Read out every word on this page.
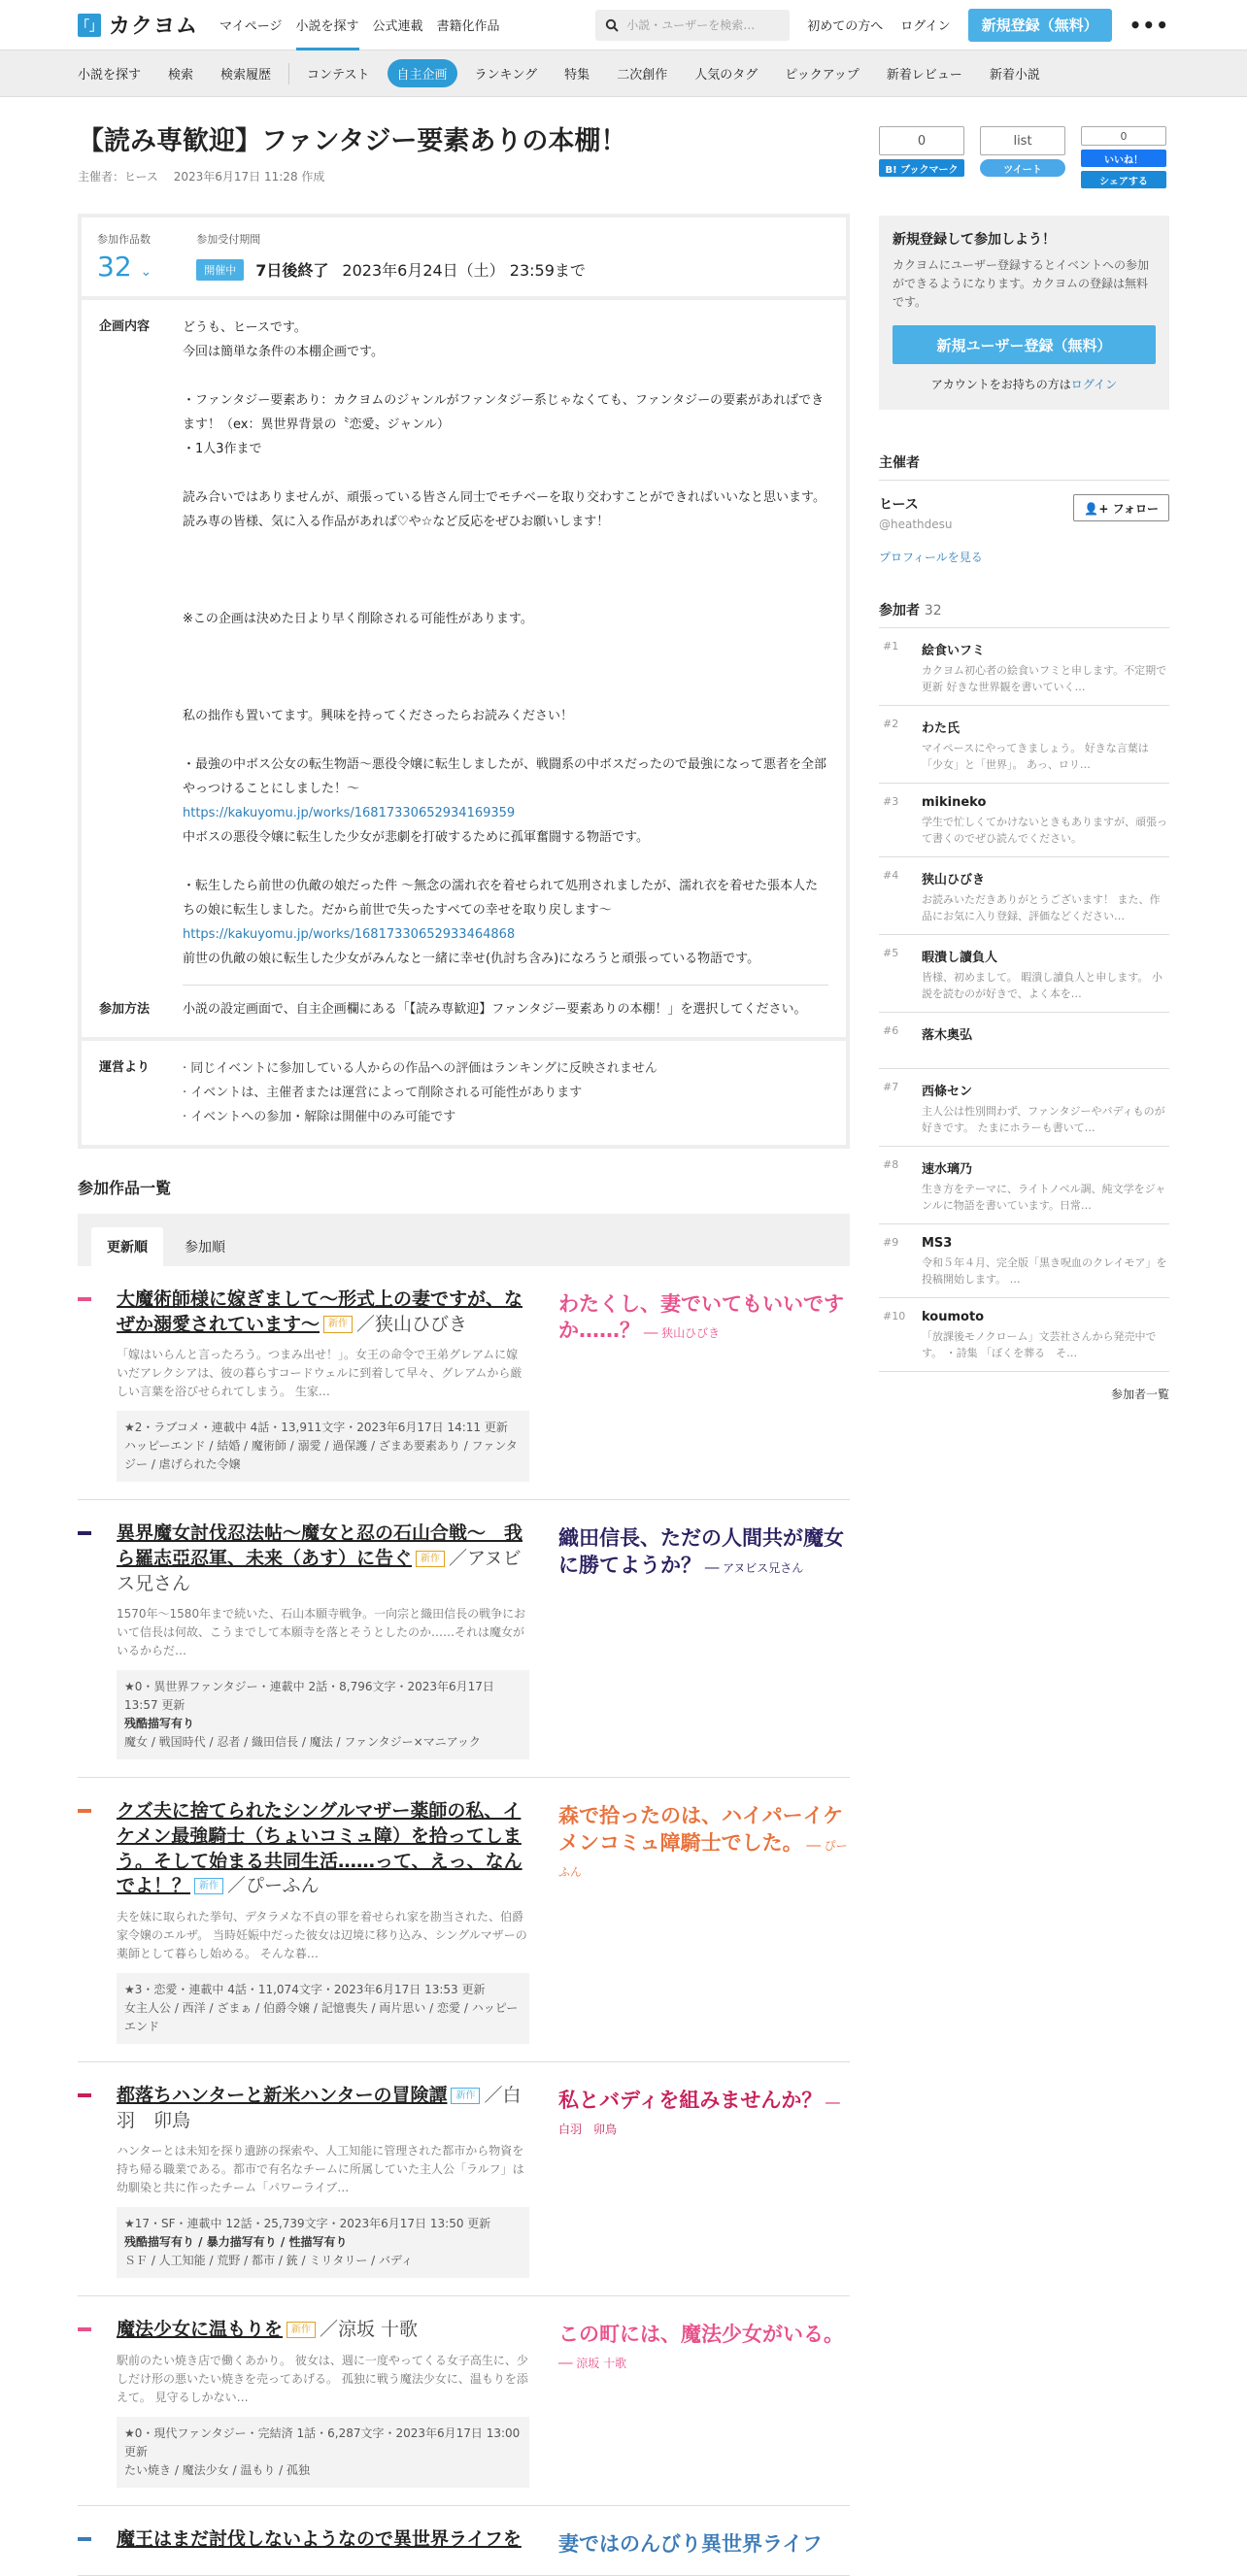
「」 カクヨム マイページ 小説を探す 公式連載 書籍化作品	小説・ユーザーを検索…	初めての方へ ログイン	新規登録（無料）	•••
小説を探す 検索 検索履歴	コンテスト	自主企画	ランキング 特集 二次創作 人気のタグ ピックアップ 新着レビュー 新着小説
【読み専歓迎】ファンタジー要素ありの本棚！
主催者：ヒース　 2023年6月17日 11:28 作成
参加作品数
32 ⌄
参加受付期間
開催中	7日後終了 2023年6月24日（土） 23:59まで
企画内容	どうも、ヒースです。
今回は簡単な条件の本棚企画です。
・ファンタジー要素あり：カクヨムのジャンルがファンタジー系じゃなくても、ファンタジーの要素があればできます！（ex：異世界背景の〝恋愛〟ジャンル）
・1人3作まで
読み合いではありませんが、頑張っている皆さん同士でモチベーを取り交わすことができればいいなと思います。
読み専の皆様、気に入る作品があれば♡や☆など反応をぜひお願いします！
※この企画は決めた日より早く削除される可能性があります。
私の拙作も置いてます。興味を持ってくださったらお読みください！
・最強の中ボス公女の転生物語～悪役令嬢に転生しましたが、戦闘系の中ボスだったので最強になって悪者を全部やっつけることにしました！～
https://kakuyomu.jp/works/16817330652934169359
中ボスの悪役令嬢に転生した少女が悲劇を打破するために孤軍奮闘する物語です。
・転生したら前世の仇敵の娘だった件 ～無念の濡れ衣を着せられて処刑されましたが、濡れ衣を着せた張本人たちの娘に転生しました。だから前世で失ったすべての幸せを取り戻します～
https://kakuyomu.jp/works/16817330652933464868
前世の仇敵の娘に転生した少女がみんなと一緒に幸せ(仇討ち含み)になろうと頑張っている物語です。
参加方法	小説の設定画面で、自主企画欄にある「【読み専歓迎】ファンタジー要素ありの本棚！」を選択してください。
運営より	· 同じイベントに参加している人からの作品への評価はランキングに反映されません
· イベントは、主催者または運営によって削除される可能性があります
· イベントへの参加・解除は開催中のみ可能です
参加作品一覧
更新順	参加順
大魔術師様に嫁ぎまして～形式上の妻ですが、なぜか溺愛されています～ 新作 ／狭山ひびき
「嫁はいらんと言ったろう。つまみ出せ！」。女王の命令で王弟グレアムに嫁いだアレクシアは、彼の暮らすコードウェルに到着して早々、グレアムから厳しい言葉を浴びせられてしまう。 生家…
★2・ラブコメ・連載中 4話・13,911文字・2023年6月17日 14:11 更新
ハッピーエンド / 結婚 / 魔術師 / 溺愛 / 過保護 / ざまあ要素あり / ファンタジー / 虐げられた令嬢
わたくし、妻でいてもいいですか……？ ── 狭山ひびき
異界魔女討伐忍法帖〜魔女と忍の石山合戦〜　我ら羅志亞忍軍、未来（あす）に告ぐ 新作 ／アヌビス兄さん
1570年～1580年まで続いた、石山本願寺戦争。一向宗と織田信長の戦争において信長は何故、こうまでして本願寺を落とそうとしたのか……それは魔女がいるからだ…
★0・異世界ファンタジー・連載中 2話・8,796文字・2023年6月17日 13:57 更新
残酷描写有り
魔女 / 戦国時代 / 忍者 / 織田信長 / 魔法 / ファンタジー×マニアック
織田信長、ただの人間共が魔女に勝てようか？ ── アヌビス兄さん
クズ夫に捨てられたシングルマザー薬師の私、イケメン最強騎士（ちょいコミュ障）を拾ってしまう。そして始まる共同生活……って、えっ、なんでよ！？ 新作 ／ぴーふん
夫を妹に取られた挙句、デタラメな不貞の罪を着せられ家を勘当された、伯爵家令嬢のエルザ。 当時妊娠中だった彼女は辺境に移り込み、シングルマザーの薬師として暮らし始める。 そんな暮…
★3・恋愛・連載中 4話・11,074文字・2023年6月17日 13:53 更新
女主人公 / 西洋 / ざまぁ / 伯爵令嬢 / 記憶喪失 / 両片思い / 恋愛 / ハッピーエンド
森で拾ったのは、ハイパーイケメンコミュ障騎士でした。 ── ぴーふん
都落ちハンターと新米ハンターの冒険譚 新作 ／白羽　卯鳥
ハンターとは未知を探り遺跡の探索や、人工知能に管理された都市から物資を持ち帰る職業である。都市で有名なチームに所属していた主人公「ラルフ」は幼馴染と共に作ったチーム「パワーライブ…
★17・SF・連載中 12話・25,739文字・2023年6月17日 13:50 更新
残酷描写有り / 暴力描写有り / 性描写有り
ＳＦ / 人工知能 / 荒野 / 都市 / 銃 / ミリタリー / バディ
私とバディを組みませんか？ ── 白羽　卯鳥
魔法少女に温もりを 新作 ／涼坂 十歌
駅前のたい焼き店で働くあかり。 彼女は、週に一度やってくる女子高生に、少しだけ形の悪いたい焼きを売ってあげる。 孤独に戦う魔法少女に、温もりを添えて。 見守るしかない…
★0・現代ファンタジー・完結済 1話・6,287文字・2023年6月17日 13:00 更新
たい焼き / 魔法少女 / 温もり / 孤独
この町には、魔法少女がいる。 ── 涼坂 十歌
魔王はまだ討伐しないようなので異世界ライフを	妻ではのんびり異世界ライフ
0
B! ブックマーク
list
ツイート
0
いいね！
シェアする
新規登録して参加しよう！
カクヨムにユーザー登録するとイベントへの参加ができるようになります。カクヨムの登録は無料です。
新規ユーザー登録（無料）
アカウントをお持ちの方はログイン
主催者
ヒース
@heathdesu
👤+ フォロー
プロフィールを見る
参加者 32
#1	絵食いフミ
カクヨム初心者の絵食いフミと申します。不定期で更新 好きな世界観を書いていく…
#2	わた氏
マイペースにやってきましょう。 好きな言葉は「少女」と「世界」。 あっ、ロリ…
#3	mikineko
学生で忙しくてかけないときもありますが、頑張って書くのでぜひ読んでください。
#4	狭山ひびき
お読みいただきありがとうございます！ また、作品にお気に入り登録、評価などください…
#5	暇潰し讀負人
皆様、初めまして。 暇潰し讀負人と申します。 小説を読むのが好きで、よく本を…
#6	落木奥弘
#7	西條セン
主人公は性別問わず、ファンタジーやバディものが好きです。 たまにホラーも書いて…
#8	速水璃乃
生き方をテーマに、ライトノベル調、純文学をジャンルに物語を書いています。日常…
#9	MS3
令和５年４月、完全版「黒き呪血のクレイモア」を投稿開始します。 …
#10	koumoto
「放課後モノクローム」文芸社さんから発売中です。 ・詩集 「ぼくを葬る　そ…
参加者一覧
